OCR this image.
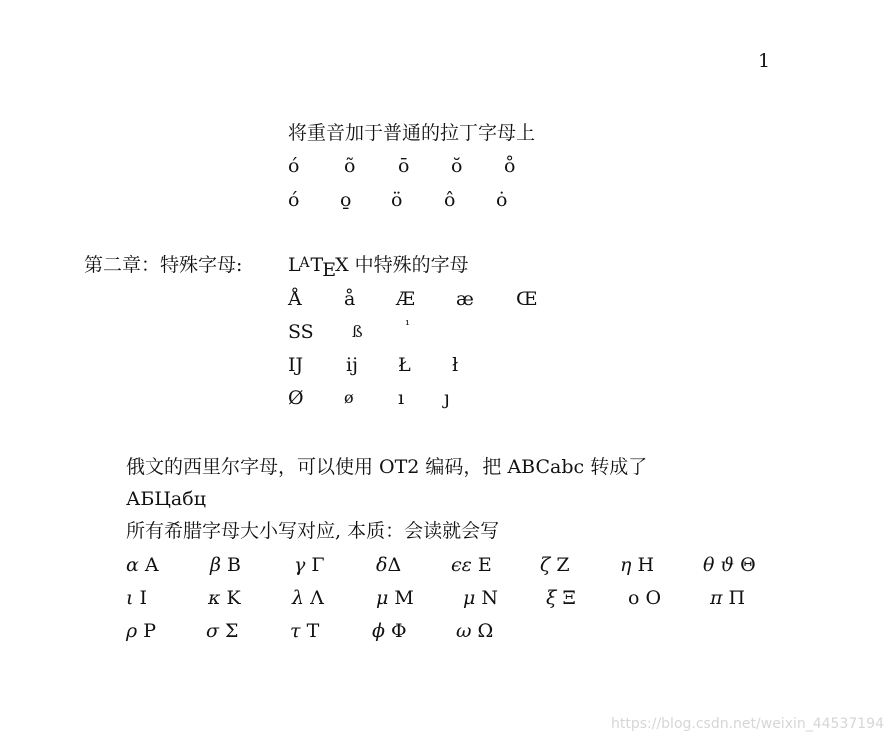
1
将重音加于普通的拉丁字母上
ó õ ō ŏ o̊
ó o̱ ö ô ȯ
第二章：特殊字母: $L^ATEX$ 中特殊的字母
Å å Æ æ Œ
SS ß	$^{^1}$
IJ ij Ł ł
Ø	ø ı ȷ
俄文的西里尔字母，可以使用 OT2 编码，把 ABCabc 转成了
АБЦабц
所有希腊字母大小写对应, 本质：会读就会写
α A	β B	γ Γ	δΔ	ϵε E	ζ Z	η H	θ ϑ Θ
ι I	κ K	λ Λ	μ M	μ N	ξ Ξ	o O	π Π
ρ P	σ Σ	τ T	ϕ Φ	ω Ω
https://blog.csdn.net/weixin_44537194
